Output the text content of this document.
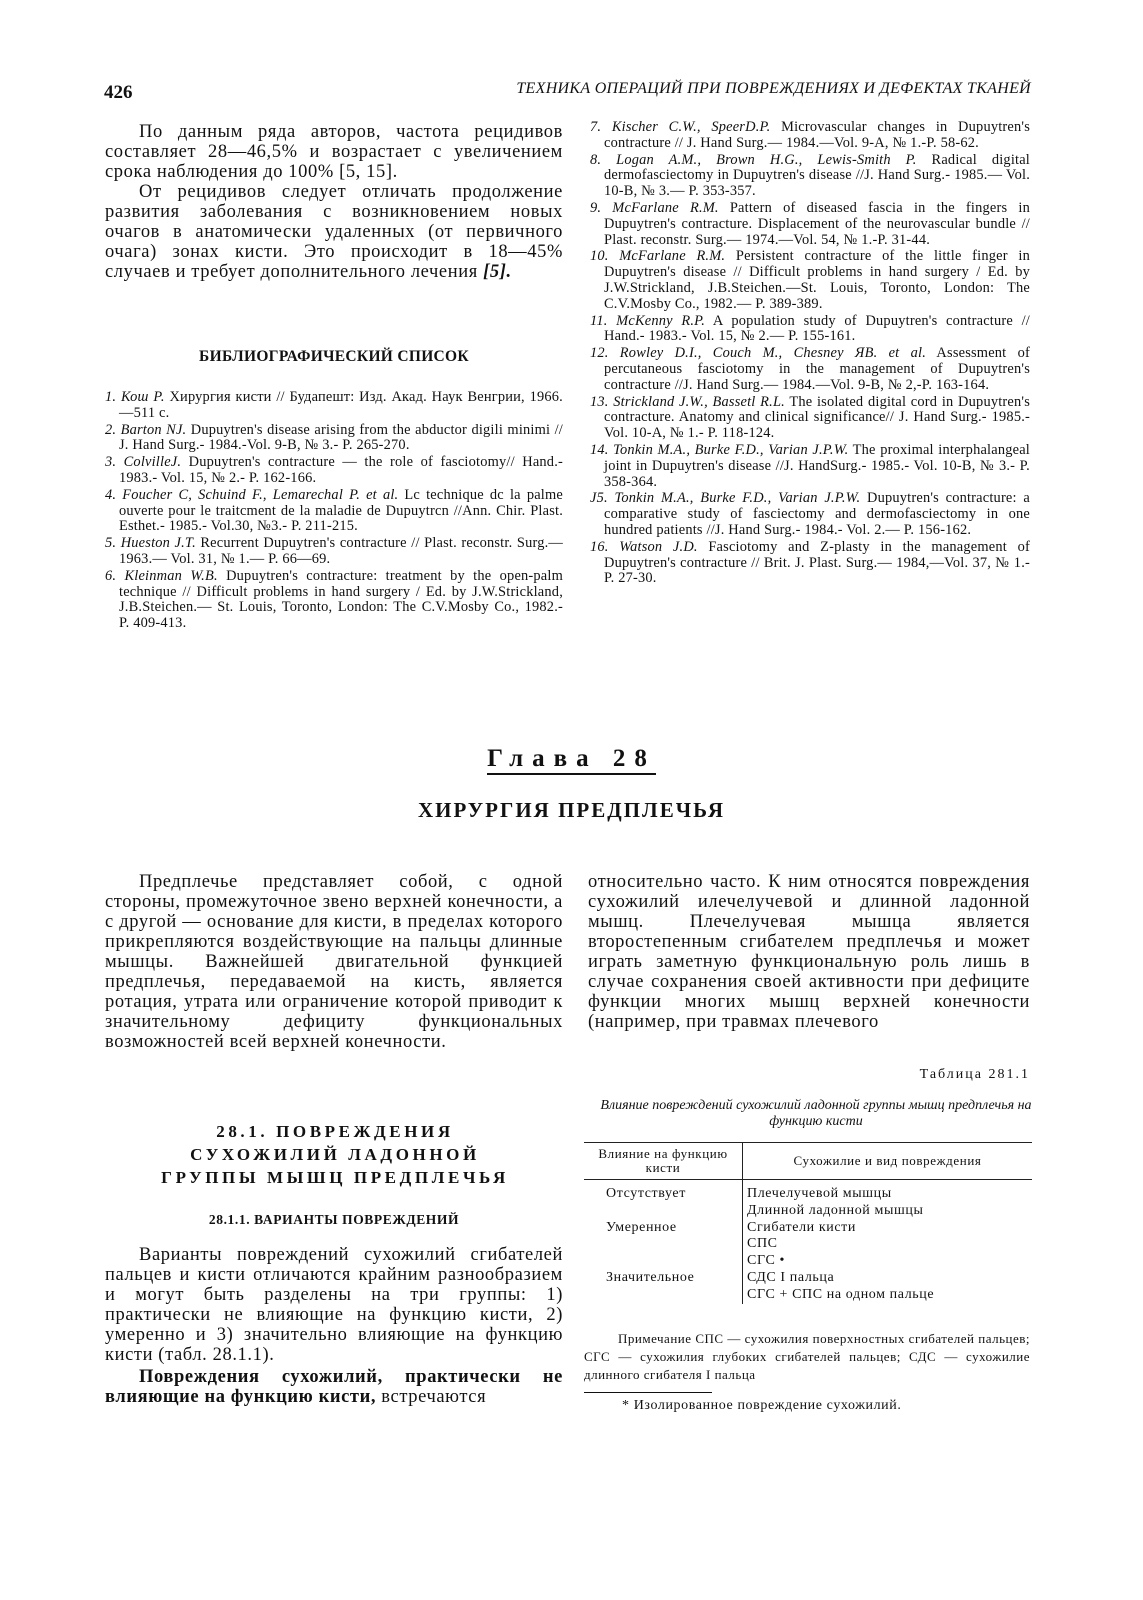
426	ТЕХНИКА ОПЕРАЦИЙ ПРИ ПОВРЕЖДЕНИЯХ И ДЕФЕКТАХ ТКАНЕЙ

По данным ряда авторов, частота рецидивов составляет 28—46,5% и возрастает с увеличением срока наблюдения до 100% [5, 15].

От рецидивов следует отличать продолжение развития заболевания с возникновением новых очагов в анатомически удаленных (от первичного очага) зонах кисти. Это происходит в 18—45% случаев и требует дополнительного лечения [5].

БИБЛИОГРАФИЧЕСКИЙ СПИСОК

1. Кош Р. Хирургия кисти // Будапешт: Изд. Акад. Наук Венгрии, 1966.—511 с.

2. Barton NJ. Dupuytren's disease arising from the abductor digili minimi // J. Hand Surg.- 1984.-Vol. 9-B, № 3.- P. 265-270.

3. ColvilleJ. Dupuytren's contracture — the role of fasciotomy// Hand.- 1983.- Vol. 15, № 2.- P. 162-166.

4. Foucher C, Schuind F., Lemarechal P. et al. Lc technique dc la palme ouverte pour le traitcment de la maladie de Dupuytrcn //Ann. Chir. Plast. Esthet.- 1985.- Vol.30, №3.- P. 211-215.

5. Hueston J.T. Recurrent Dupuytren's contracture // Plast. reconstr. Surg.— 1963.— Vol. 31, № 1.— P. 66—69.

6. Kleinman W.B. Dupuytren's contracture: treatment by the open-palm technique // Difficult problems in hand surgery / Ed. by J.W.Strickland, J.B.Steichen.— St. Louis, Toronto, London: The C.V.Mosby Co., 1982.- P. 409-413.

7. Kischer C.W., SpeerD.P. Microvascular changes in Dupuytren's contracture // J. Hand Surg.— 1984.—Vol. 9-A, № 1.-P. 58-62.

8. Logan A.M., Brown H.G., Lewis-Smith P. Radical digital dermofasciectomy in Dupuytren's disease //J. Hand Surg.- 1985.— Vol. 10-B, № 3.— P. 353-357.

9. McFarlane R.M. Pattern of diseased fascia in the fingers in Dupuytren's contracture. Displacement of the neurovascular bundle // Plast. reconstr. Surg.— 1974.—Vol. 54, № 1.-P. 31-44.

10. McFarlane R.M. Persistent contracture of the little finger in Dupuytren's disease // Difficult problems in hand surgery / Ed. by J.W.Strickland, J.B.Steichen.—St. Louis, Toronto, London: The C.V.Mosby Co., 1982.— P. 389-389.

11. McKenny R.P. A population study of Dupuytren's contracture // Hand.- 1983.- Vol. 15, № 2.— P. 155-161.

12. Rowley D.I., Couch M., Chesney ЯB. et al. Assessment of percutaneous fasciotomy in the management of Dupuytren's contracture //J. Hand Surg.— 1984.—Vol. 9-B, № 2,-P. 163-164.

13. Strickland J.W., Bassetl R.L. The isolated digital cord in Dupuytren's contracture. Anatomy and clinical significance// J. Hand Surg.- 1985.- Vol. 10-A, № 1.- P. 118-124.

14. Tonkin M.A., Burke F.D., Varian J.P.W. The proximal interphalangeal joint in Dupuytren's disease //J. HandSurg.- 1985.- Vol. 10-B, № 3.- P. 358-364.

J5. Tonkin M.A., Burke F.D., Varian J.P.W. Dupuytren's contracture: a comparative study of fasciectomy and dermofasciectomy in one hundred patients //J. Hand Surg.- 1984.- Vol. 2.— P. 156-162.

16. Watson J.D. Fasciotomy and Z-plasty in the management of Dupuytren's contracture // Brit. J. Plast. Surg.— 1984,—Vol. 37, № 1.- P. 27-30.

Глава 28
ХИРУРГИЯ ПРЕДПЛЕЧЬЯ

Предплечье представляет собой, с одной стороны, промежуточное звено верхней конечности, а с другой — основание для кисти, в пределах которого прикрепляются воздействующие на пальцы длинные мышцы. Важнейшей двигательной функцией предплечья, передаваемой на кисть, является ротация, утрата или ограничение которой приводит к значительному дефициту функциональных возможностей всей верхней конечности.

28.1. ПОВРЕЖДЕНИЯ СУХОЖИЛИЙ ЛАДОННОЙ ГРУППЫ МЫШЦ ПРЕДПЛЕЧЬЯ
28.1.1. ВАРИАНТЫ ПОВРЕЖДЕНИЙ

Варианты повреждений сухожилий сгибателей пальцев и кисти отличаются крайним разнообразием и могут быть разделены на три группы: 1) практически не влияющие на функцию кисти, 2) умеренно и 3) значительно влияющие на функцию кисти (табл. 28.1.1).

Повреждения сухожилий, практически не влияющие на функцию кисти, встречаются

относительно часто. К ним относятся повреждения сухожилий илечелучевой и длинной ладонной мышц. Плечелучевая мышца является второстепенным сгибателем предплечья и может играть заметную функциональную роль лишь в случае сохранения своей активности при дефиците функции многих мышц верхней конечности (например, при травмах плечевого

Таблица 281.1
Влияние повреждений сухожилий ладонной группы мышц предплечья на функцию кисти
Влияние на функцию кисти	Сухожилие и вид повреждения
Отсутствует	Плечелучевой мышцы
	Длинной ладонной мышцы
Умеренное	Сгибатели кисти
	СПС
	СГС •
Значительное	СДС I пальца
	СГС + СПС на одном пальце

Примечание СПС — сухожилия поверхностных сгибателей пальцев; СГС — сухожилия глубоких сгибателей пальцев; СДС — сухожилие длинного сгибателя I пальца

* Изолированное повреждение сухожилий.
